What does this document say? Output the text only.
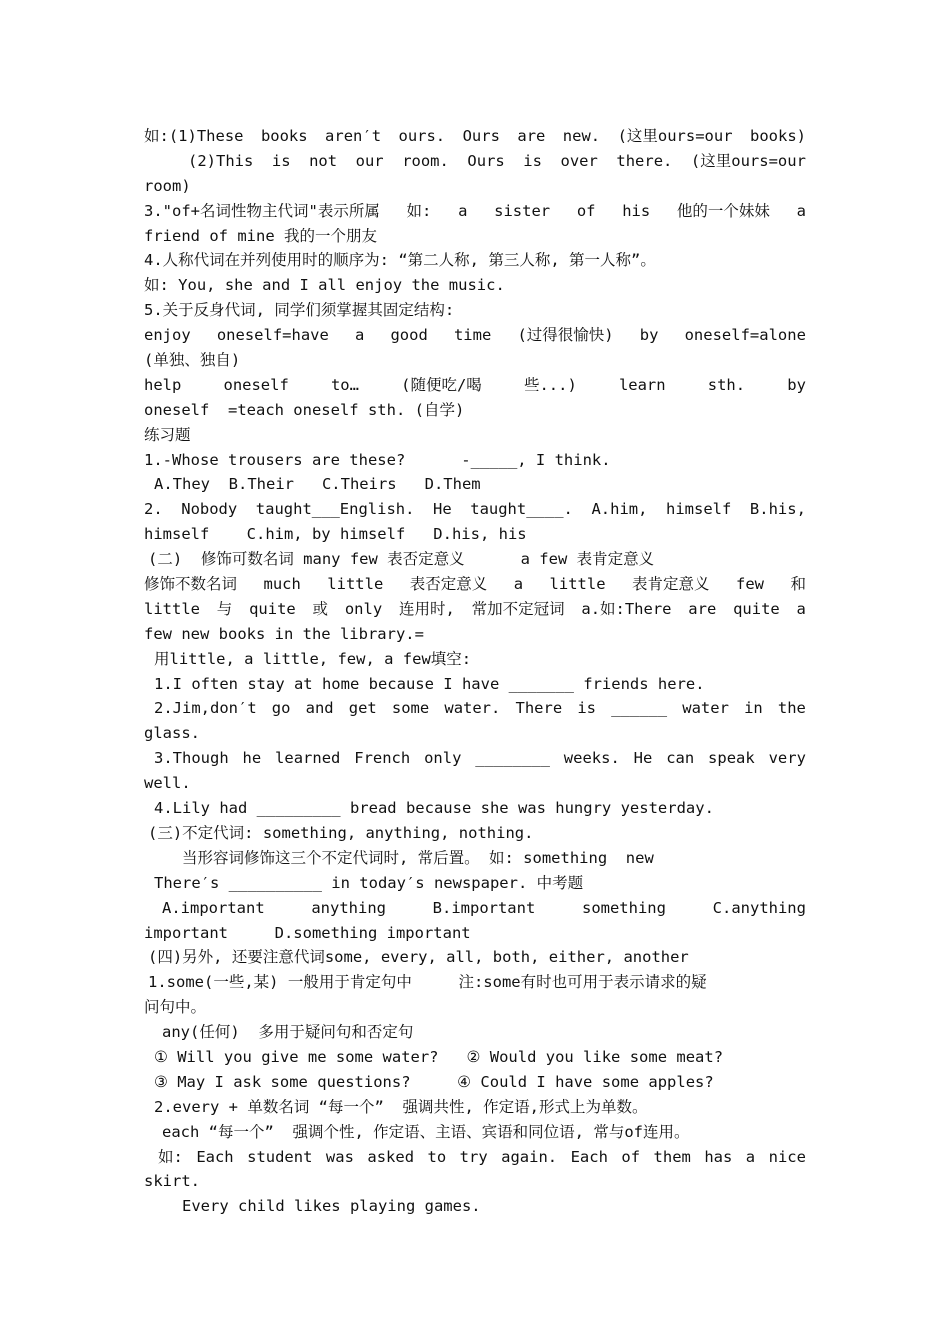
如:(1)These books aren′t ours. Ours are new. (这里ours=our books)
(2)This is not our room. Ours is over there. (这里ours=our
room)
3."of+名词性物主代词"表示所属 如: a sister of his 他的一个妹妹 a
friend of mine 我的一个朋友
4.人称代词在并列使用时的顺序为: “第二人称, 第三人称, 第一人称”。
如: You, she and I all enjoy the music.
5.关于反身代词, 同学们须掌握其固定结构:
enjoy oneself=have a good time (过得很愉快) by oneself=alone
(单独、独自)
help	oneself	to…	(随便吃/喝	些...)	learn	sth.	by
oneself  =teach oneself sth. (自学)
练习题
1.-Whose trousers are these?      -_____, I think.
A.They  B.Their   C.Theirs   D.Them
2. Nobody taught___English. He taught____. A.him, himself B.his,
himself    C.him, by himself   D.his, his
(二)  修饰可数名词 many few 表否定意义      a few 表肯定意义
修饰不数名词 much little 表否定意义 a little 表肯定意义 few 和
little 与 quite 或 only 连用时, 常加不定冠词 a.如:There are quite a
few new books in the library.=
用little, a little, few, a few填空:
1.I often stay at home because I have _______ friends here.
2.Jim,don′t go and get some water. There is ______ water in the
glass.
3.Though he learned French only ________ weeks. He can speak very
well.
4.Lily had _________ bread because she was hungry yesterday.
(三)不定代词: something, anything, nothing.
当形容词修饰这三个不定代词时, 常后置。 如: something  new
There′s __________ in today′s newspaper. 中考题
A.important	anything	B.important	something	C.anything
important     D.something important
(四)另外, 还要注意代词some, every, all, both, either, another
1.some(一些,某) 一般用于肯定句中     注:some有时也可用于表示请求的疑
问句中。
any(任何)  多用于疑问句和否定句
① Will you give me some water?   ② Would you like some meat?
③ May I ask some questions?     ④ Could I have some apples?
2.every + 单数名词 “每一个”  强调共性, 作定语,形式上为单数。
each “每一个”  强调个性, 作定语、主语、宾语和同位语, 常与of连用。
如: Each student was asked to try again. Each of them has a nice
skirt.
Every child likes playing games.
